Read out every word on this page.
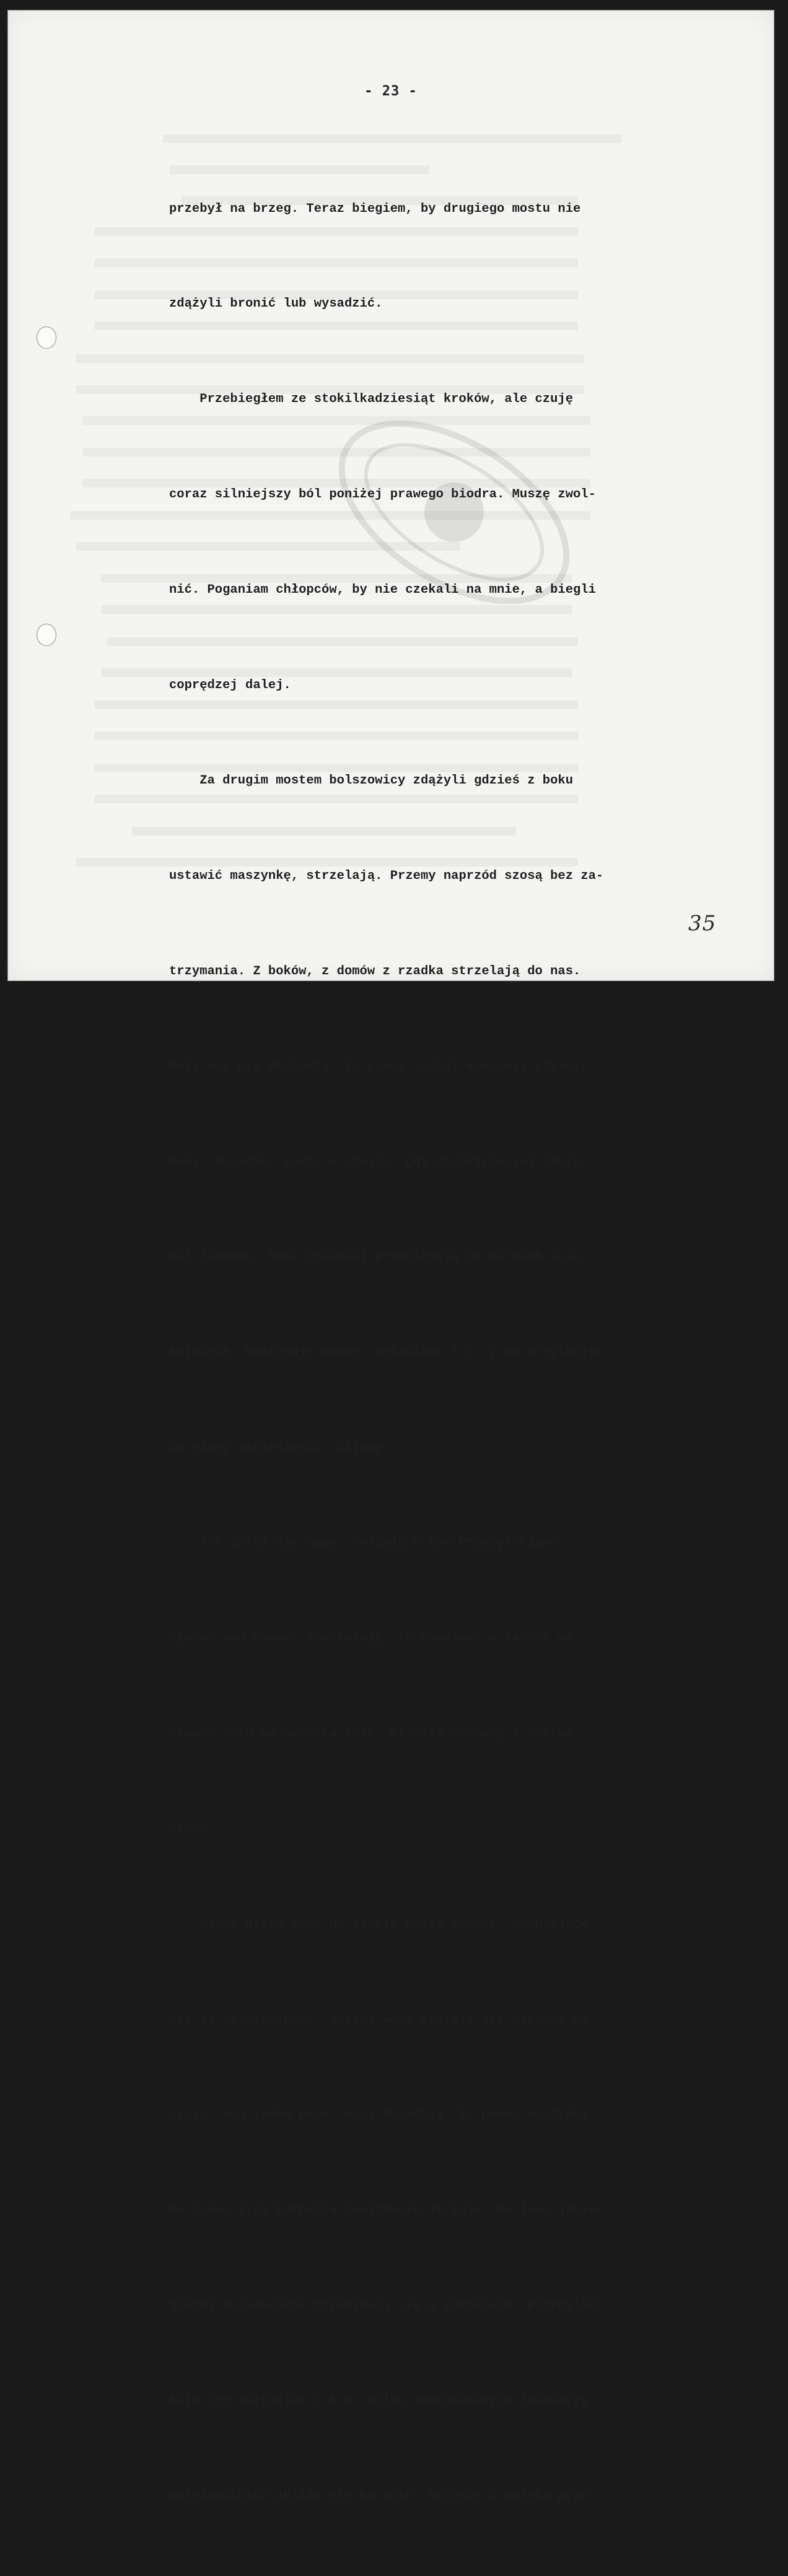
- 23 -

przebył na brzeg. Teraz biegiem, by drugiego mostu nie

zdążyli bronić lub wysadzić.

Przebiegłem ze stokilkadziesiąt kroków, ale czuję

coraz silniejszy ból poniżej prawego biodra. Muszę zwol-

nić. Poganiam chłopców, by nie czekali na mnie, a biegli

coprędzej dalej.

Za drugim mostem bolszowicy zdążyli gdzieś z boku

ustawić maszynkę, strzelają. Przemy naprzód szosą bez za-

trzymania. Z boków, z domów z rzadka strzelają do nas.

Boki nas nie obchodzą, to rzecz 2-giej kompanii czyścić

boki. Dopadamy mostu w chwili, gdy nieprzyjaciel zakła-

dał ładunek. Most chłopaki przebiegają na karkach ucie-

kających. Następuje pogoń. Ustawiamy k.m.-y na przyległym

do szosy wzniesieniu. Bijemy.

Iść dalej nie mogę. Melduję o tym Przybylskiemu.

Siadam nad rowem. Konstatuję, że rewolwer w taszce na

prawym boku ma odciętą lufę. Płaszcz porwany i pokrwa-

wiony.

Widzę przed sobą na szosie nasze sekcje, uganiające

się za bolszewikami. Jakieś wozy starają się wjechać na

szosę, koń jeden pada, nasi dopadają. To pewno maszynki.

Na prawo 2-ga kompania gwałtownie strzela. Na lewo jakieś

grupki bolszewików przemykają się w zaroślach. Przybylski

każe ich ostrzelać z k.m. Kilku zakrwawionych żołnierzy

bolszewickich zbliża się ku mnie. Krzyczę z daleka prze-

35
